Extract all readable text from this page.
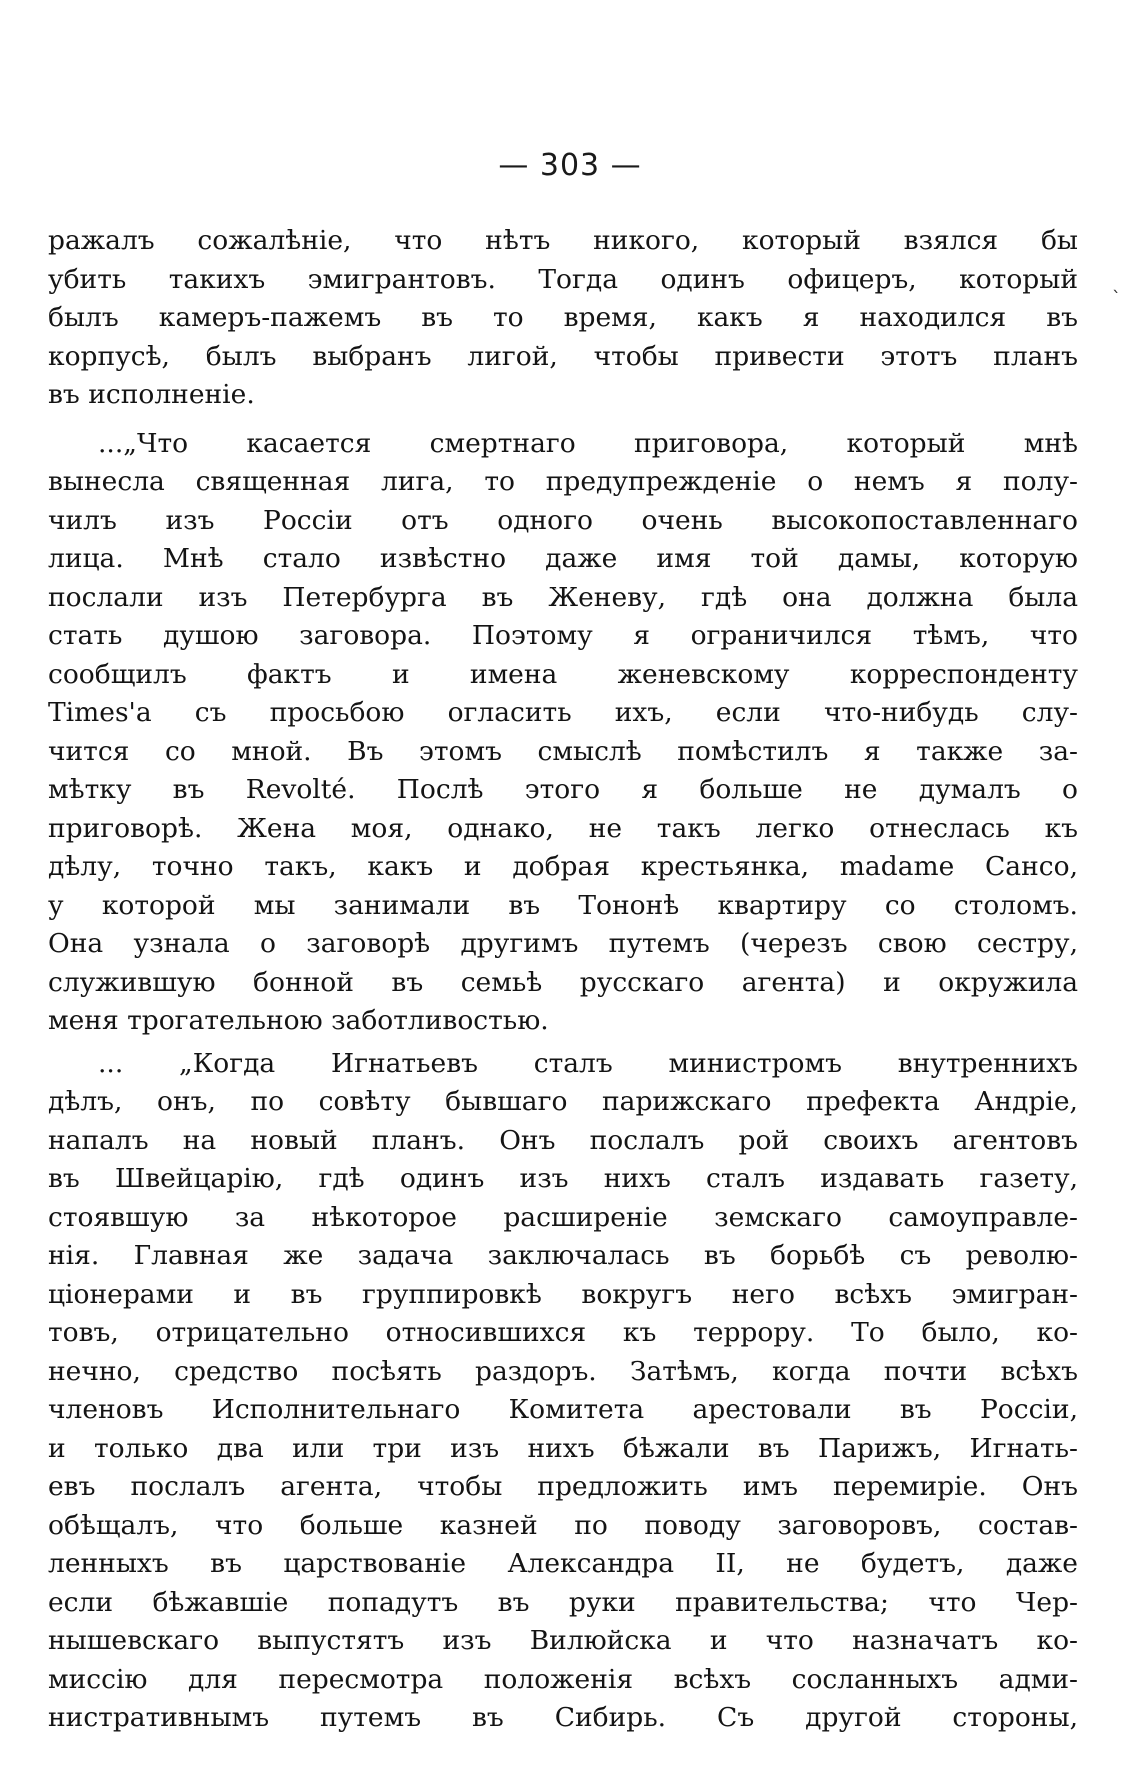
— 303 —
`
ражалъ сожалѣніе, что нѣтъ никого, который взялся бы
убить такихъ эмигрантовъ. Тогда одинъ офицеръ, который
былъ камеръ-пажемъ въ то время, какъ я находился въ
корпусѣ, былъ выбранъ лигой, чтобы привести этотъ планъ
въ исполненіе.
...„Что касается смертнаго приговора, который мнѣ
вынесла священная лига, то предупрежденіе о немъ я полу-
чилъ изъ Россіи отъ одного очень высокопоставленнаго
лица. Мнѣ стало извѣстно даже имя той дамы, которую
послали изъ Петербурга въ Женеву, гдѣ она должна была
стать душою заговора. Поэтому я ограничился тѣмъ, что
сообщилъ фактъ и имена женевскому корреспонденту
Times'а съ просьбою огласить ихъ, если что-нибудь слу-
чится со мной. Въ этомъ смыслѣ помѣстилъ я также за-
мѣтку въ Revolté. Послѣ этого я больше не думалъ о
приговорѣ. Жена моя, однако, не такъ легко отнеслась къ
дѣлу, точно такъ, какъ и добрая крестьянка, madame Сансо,
у которой мы занимали въ Тононѣ квартиру со столомъ.
Она узнала о заговорѣ другимъ путемъ (черезъ свою сестру,
служившую бонной въ семьѣ русскаго агента) и окружила
меня трогательною заботливостью.
... „Когда Игнатьевъ сталъ министромъ внутреннихъ
дѣлъ, онъ, по совѣту бывшаго парижскаго префекта Андріе,
напалъ на новый планъ. Онъ послалъ рой своихъ агентовъ
въ Швейцарію, гдѣ одинъ изъ нихъ сталъ издавать газету,
стоявшую за нѣкоторое расширеніе земскаго самоуправле-
нія. Главная же задача заключалась въ борьбѣ съ револю-
ціонерами и въ группировкѣ вокругъ него всѣхъ эмигран-
товъ, отрицательно относившихся къ террору. То было, ко-
нечно, средство посѣять раздоръ. Затѣмъ, когда почти всѣхъ
членовъ Исполнительнаго Комитета арестовали въ Россіи,
и только два или три изъ нихъ бѣжали въ Парижъ, Игнать-
евъ послалъ агента, чтобы предложить имъ перемиріе. Онъ
обѣщалъ, что больше казней по поводу заговоровъ, состав-
ленныхъ въ царствованіе Александра II, не будетъ, даже
если бѣжавшіе попадутъ въ руки правительства; что Чер-
нышевскаго выпустятъ изъ Вилюйска и что назначатъ ко-
миссію для пересмотра положенія всѣхъ сосланныхъ адми-
нистративнымъ путемъ въ Сибирь. Съ другой стороны,
